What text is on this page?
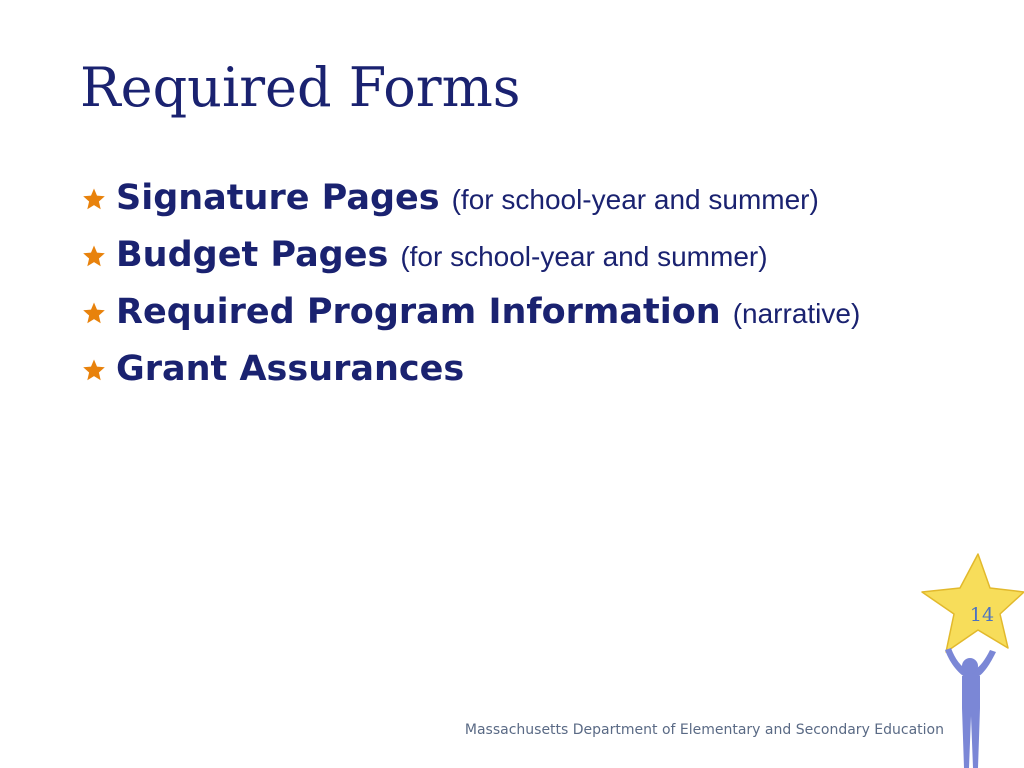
Required Forms
Signature Pages (for school-year and summer)
Budget Pages (for school-year and summer)
Required Program Information (narrative)
Grant Assurances
14
Massachusetts Department of Elementary and Secondary Education
